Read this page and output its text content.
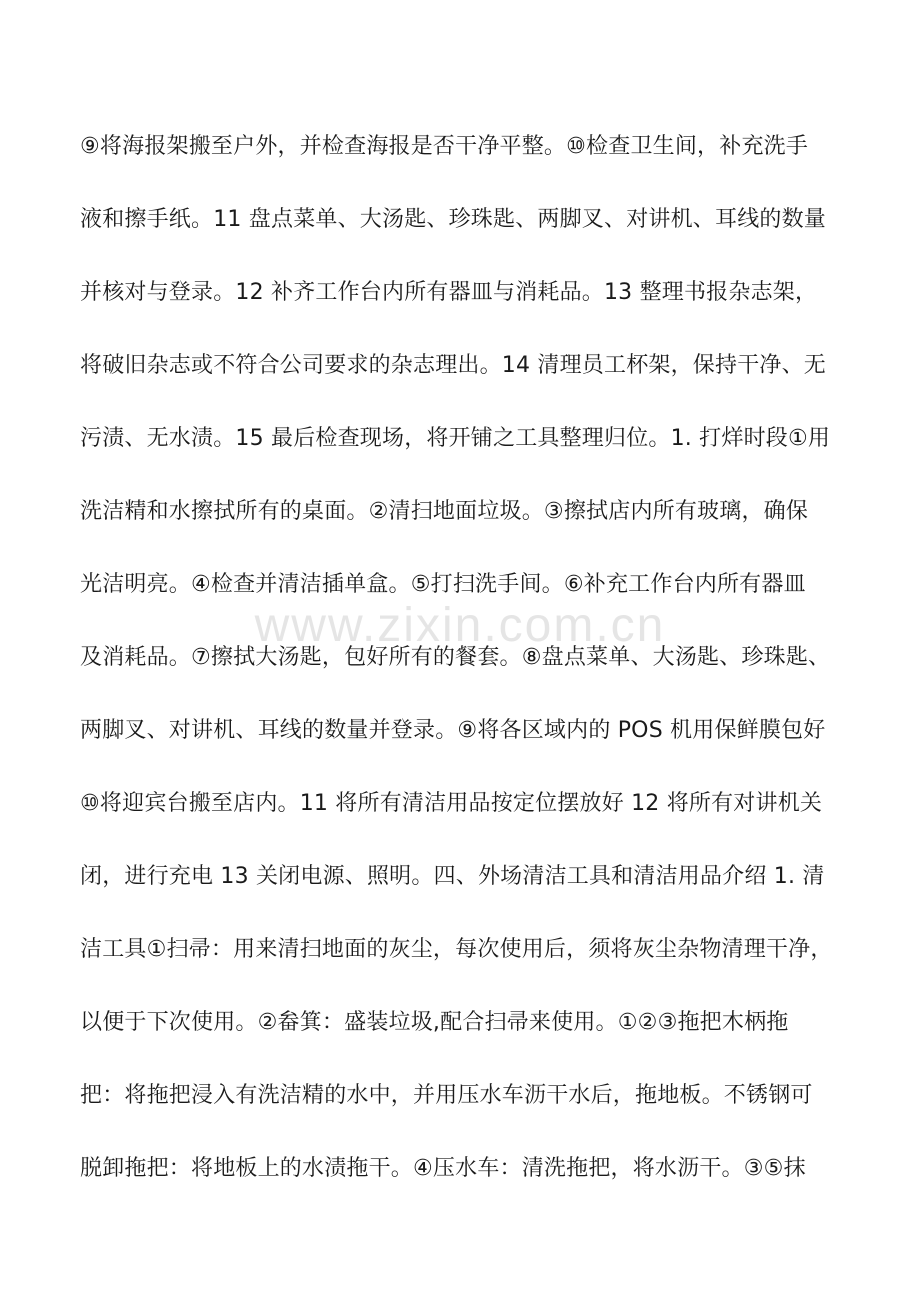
⑨将海报架搬至户外，并检查海报是否干净平整。⑩检查卫生间，补充洗手
液和擦手纸。11 盘点菜单、大汤匙、珍珠匙、两脚叉、对讲机、耳线的数量
并核对与登录。12 补齐工作台内所有器皿与消耗品。13 整理书报杂志架，
将破旧杂志或不符合公司要求的杂志理出。14 清理员工杯架，保持干净、无
污渍、无水渍。15 最后检查现场，将开铺之工具整理归位。1. 打烊时段①用
洗洁精和水擦拭所有的桌面。②清扫地面垃圾。③擦拭店内所有玻璃，确保
光洁明亮。④检查并清洁插单盒。⑤打扫洗手间。⑥补充工作台内所有器皿
及消耗品。⑦擦拭大汤匙，包好所有的餐套。⑧盘点菜单、大汤匙、珍珠匙、
两脚叉、对讲机、耳线的数量并登录。⑨将各区域内的 POS 机用保鲜膜包好
⑩将迎宾台搬至店内。11 将所有清洁用品按定位摆放好 12 将所有对讲机关
闭，进行充电 13 关闭电源、照明。四、外场清洁工具和清洁用品介绍 1. 清
洁工具①扫帚：用来清扫地面的灰尘，每次使用后，须将灰尘杂物清理干净，
以便于下次使用。②畚箕：盛装垃圾,配合扫帚来使用。①②③拖把木柄拖
把：将拖把浸入有洗洁精的水中，并用压水车沥干水后，拖地板。不锈钢可
脱卸拖把：将地板上的水渍拖干。④压水车：清洗拖把，将水沥干。③⑤抹
www.zixin.com.cn
